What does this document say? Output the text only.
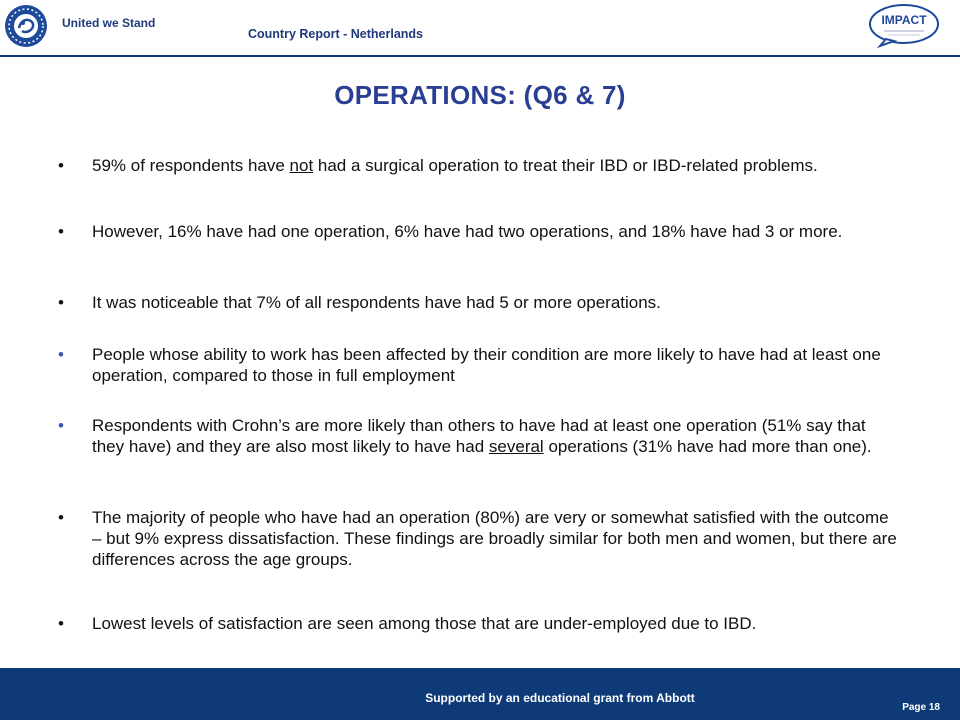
United we Stand
Country Report - Netherlands
IMPACT
OPERATIONS: (Q6 & 7)
•	59% of respondents have not had a surgical operation to treat their IBD or IBD-related problems.
•	However, 16% have had one operation, 6% have had two operations, and 18% have had 3 or more.
•	It was noticeable that 7% of all respondents have had 5 or more operations.
•	People whose ability to work has been affected by their condition are more likely to have had at least one operation, compared to those in full employment
•	Respondents with Crohn’s are more likely than others to have had at least one operation (51% say that they have) and they are also most likely to have had several operations (31% have had more than one).
•	The majority of people who have had an operation (80%) are very or somewhat satisfied with the outcome – but 9% express dissatisfaction. These findings are broadly similar for both men and women, but there are differences across the age groups.
•	Lowest levels of satisfaction are seen among those that are under-employed due to IBD.
Supported by an educational grant from Abbott
Page 18
